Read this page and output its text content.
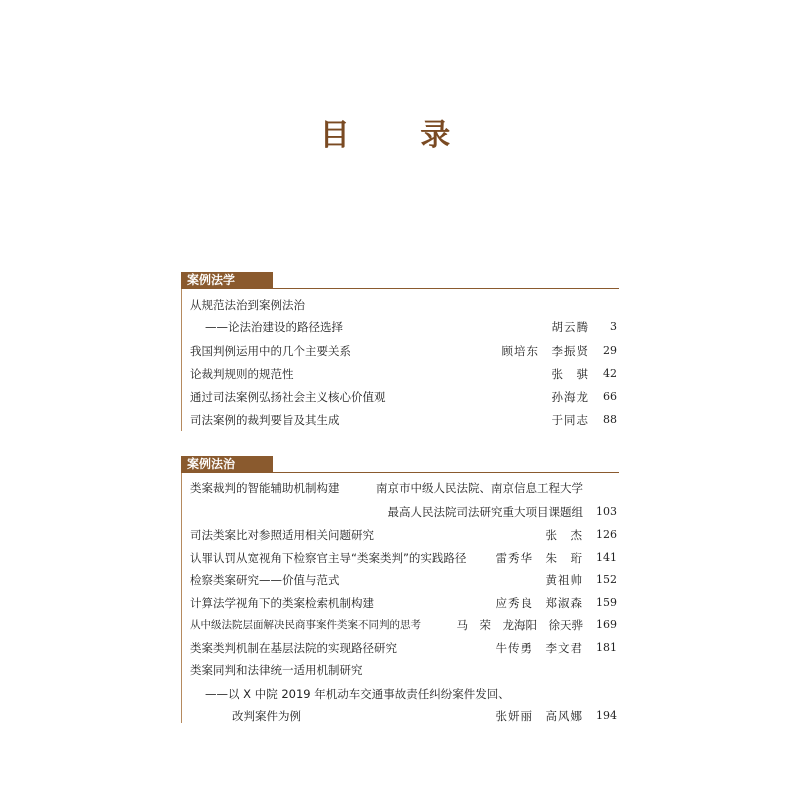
目 录
案例法学
从规范法治到案例法治
——论法治建设的路径选择	胡云腾 3
我国判例运用中的几个主要关系	顾培东　李振贤 29
论裁判规则的规范性	张　骐 42
通过司法案例弘扬社会主义核心价值观	孙海龙 66
司法案例的裁判要旨及其生成	于同志 88
案例法治
类案裁判的智能辅助机制构建	南京市中级人民法院、南京信息工程大学
最高人民法院司法研究重大项目课题组 103
司法类案比对参照适用相关问题研究	张　杰 126
认罪认罚从宽视角下检察官主导“类案类判”的实践路径	雷秀华　朱　珩 141
检察类案研究——价值与范式	黄祖帅 152
计算法学视角下的类案检索机制构建	应秀良　郑淑森 159
从中级法院层面解决民商事案件类案不同判的思考	马　荣　龙海阳　徐天骅 169
类案类判机制在基层法院的实现路径研究	牛传勇　李文君 181
类案同判和法律统一适用机制研究
——以 X 中院 2019 年机动车交通事故责任纠纷案件发回、
改判案件为例	张妍丽　高风娜 194
